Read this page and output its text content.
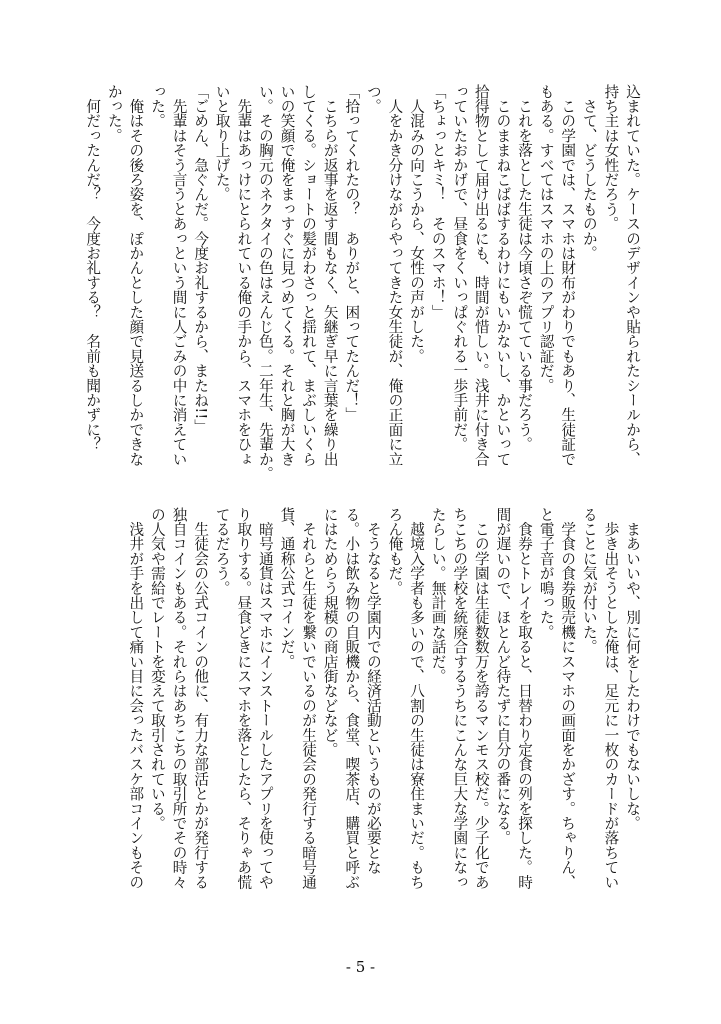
込まれていた。ケースのデザインや貼られたシールから、
持ち主は女性だろう。
　さて、どうしたものか。
　この学園では、スマホは財布がわりでもあり、生徒証で
もある。すべてはスマホの上のアプリ認証だ。
　これを落とした生徒は今頃さぞ慌てている事だろう。
　このままねこばばするわけにもいかないし、かといって
拾得物として届け出るにも、時間が惜しい。浅井に付き合
っていたおかげで、昼食をくいっぱぐれる一歩手前だ。
「ちょっとキミ！　そのスマホ！」
　人混みの向こうから、女性の声がした。
　人をかき分けながらやってきた女生徒が、俺の正面に立
つ。
「拾ってくれたの？　ありがと、困ってたんだ！」
　こちらが返事を返す間もなく、矢継ぎ早に言葉を繰り出
してくる。ショートの髪がわさっと揺れて、まぶしいくら
いの笑顔で俺をまっすぐに見つめてくる。それと胸が大き
い。その胸元のネクタイの色はえんじ色。二年生、先輩か。
　先輩はあっけにとられている俺の手から、スマホをひょ
いと取り上げた。
「ごめん、急ぐんだ。今度お礼するから、またね!!」
　先輩はそう言うとあっという間に人ごみの中に消えてい
った。
　俺はその後ろ姿を、ぽかんとした顔で見送るしかできな
かった。
　何だったんだ？　今度お礼する？　名前も聞かずに？
　まあいいや、別に何をしたわけでもないしな。
　歩き出そうとした俺は、足元に一枚のカードが落ちてい
ることに気が付いた。
　学食の食券販売機にスマホの画面をかざす。ちゃりん、
と電子音が鳴った。
　食券とトレイを取ると、日替わり定食の列を探した。時
間が遅いので、ほとんど待たずに自分の番になる。
　この学園は生徒数数万を誇るマンモス校だ。少子化であ
ちこちの学校を統廃合するうちにこんな巨大な学園になっ
たらしい。無計画な話だ。
　越境入学者も多いので、八割の生徒は寮住まいだ。もち
ろん俺もだ。
　そうなると学園内での経済活動というものが必要とな
る。小は飲み物の自販機から、食堂、喫茶店、購買と呼ぶ
にはためらう規模の商店街などなど。
　それらと生徒を繋いでいるのが生徒会の発行する暗号通
貨、通称公式コインだ。
　暗号通貨はスマホにインストールしたアプリを使ってや
り取りする。昼食どきにスマホを落としたら、そりゃあ慌
てるだろう。
　生徒会の公式コインの他に、有力な部活とかが発行する
独自コインもある。それらはあちこちの取引所でその時々
の人気や需給でレートを変えて取引されている。
　浅井が手を出して痛い目に会ったバスケ部コインもその
- 5 -
